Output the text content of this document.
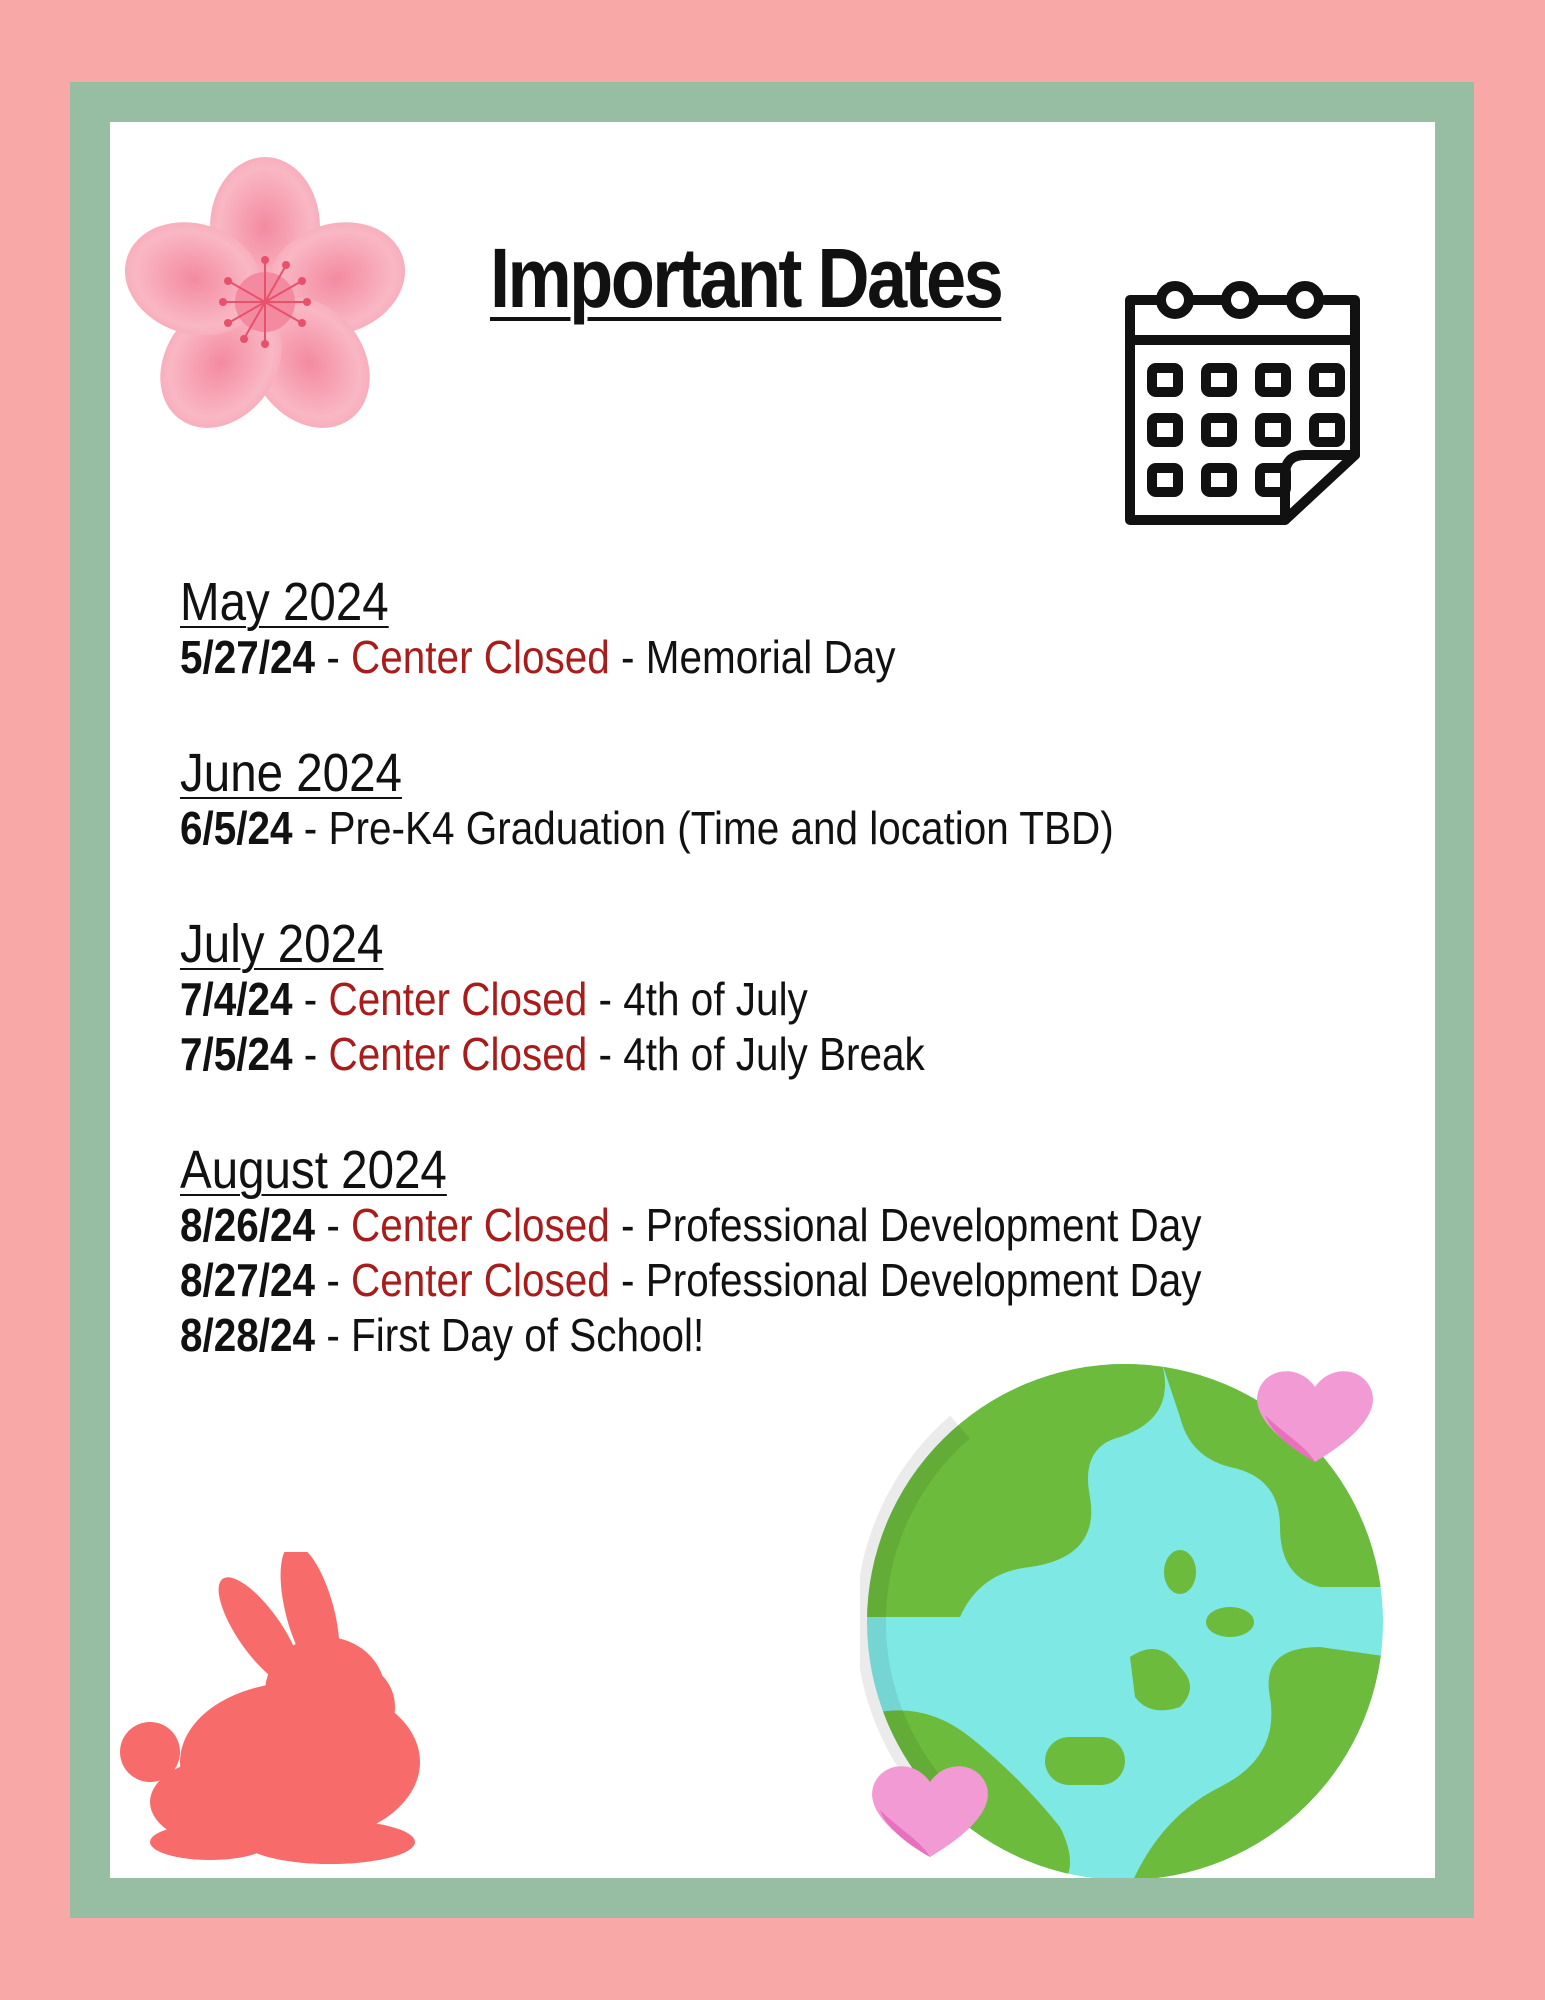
Important Dates
May 2024
5/27/24 - Center Closed - Memorial Day
June 2024
6/5/24 - Pre-K4 Graduation (Time and location TBD)
July 2024
7/4/24 - Center Closed - 4th of July
7/5/24 - Center Closed - 4th of July Break
August 2024
8/26/24 - Center Closed - Professional Development Day
8/27/24 - Center Closed - Professional Development Day
8/28/24 - First Day of School!
